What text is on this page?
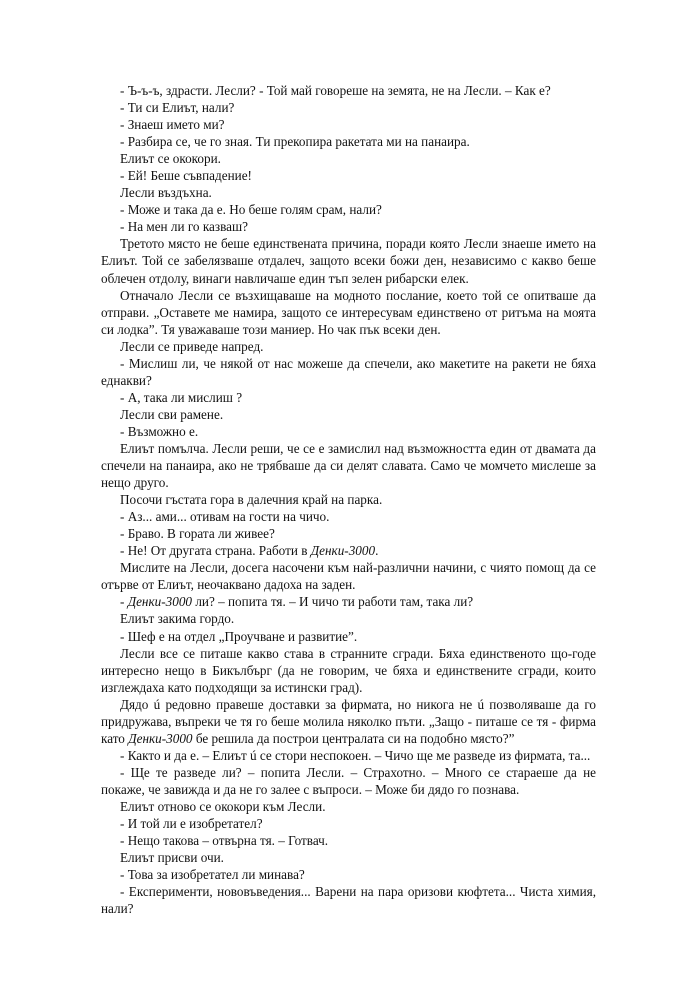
- Ъ-ъ-ъ, здрасти. Лесли? - Той май говореше на земята, не на Лесли. – Как е?

- Ти си Елиът, нали?

- Знаеш името ми?

- Разбира се, че го зная. Ти прекопира ракетата ми на панаира.

Елиът се ококори.

- Ей! Беше съвпадение!

Лесли въздъхна.

- Може и така да е. Но беше голям срам, нали?

- На мен ли го казваш?

Третото място не беше единствената причина, поради която Лесли знаеше името на Елиът. Той се забелязваше отдалеч, защото всеки божи ден, независимо с какво беше облечен отдолу, винаги навличаше един тъп зелен рибарски елек.

Отначало Лесли се възхищаваше на модното послание, което той се опитваше да отправи. „Оставете ме намира, защото се интересувам единствено от ритъма на моята си лодка”. Тя уважаваше този маниер. Но чак пък всеки ден.

Лесли се приведе напред.

- Мислиш ли, че някой от нас можеше да спечели, ако макетите на ракети не бяха еднакви?

- А, така ли мислиш ?

Лесли сви рамене.

- Възможно е.

Елиът помълча. Лесли реши, че се е замислил над възможността един от двамата да спечели на панаира, ако не трябваше да си делят славата. Само че момчето мислеше за нещо друго.

Посочи гъстата гора в далечния край на парка.

- Аз... ами... отивам на гости на чичо.

- Браво. В гората ли живее?

- Не! От другата страна. Работи в Денки-3000.

Мислите на Лесли, досега насочени към най-различни начини, с чиято помощ да се отърве от Елиът, неочаквано дадоха на заден.

- Денки-3000 ли? – попита тя. – И чичо ти работи там, така ли?

Елиът закима гордо.

- Шеф е на отдел „Проучване и развитие”.

Лесли все се питаше какво става в странните сгради. Бяха единственото що-годе интересно нещо в Бикълбърг (да не говорим, че бяха и единствените сгради, които изглеждаха като подходящи за истински град).

Дядо ú редовно правеше доставки за фирмата, но никога не ú позволяваше да го придружава, въпреки че тя го беше молила няколко пъти. „Защо - питаше се тя - фирма като Денки-3000 бе решила да построи централата си на подобно място?”

- Както и да е. – Елиът ú се стори неспокоен. – Чичо ще ме разведе из фирмата, та...

- Ще те разведе ли? – попита Лесли. – Страхотно. – Много се стараеше да не покаже, че завижда и да не го залее с въпроси. – Може би дядо го познава.

Елиът отново се ококори към Лесли.

- И той ли е изобретател?

- Нещо такова – отвърна тя. – Готвач.

Елиът присви очи.

- Това за изобретател ли минава?

- Експерименти, нововъведения... Варени на пара оризови кюфтета... Чиста химия, нали?
